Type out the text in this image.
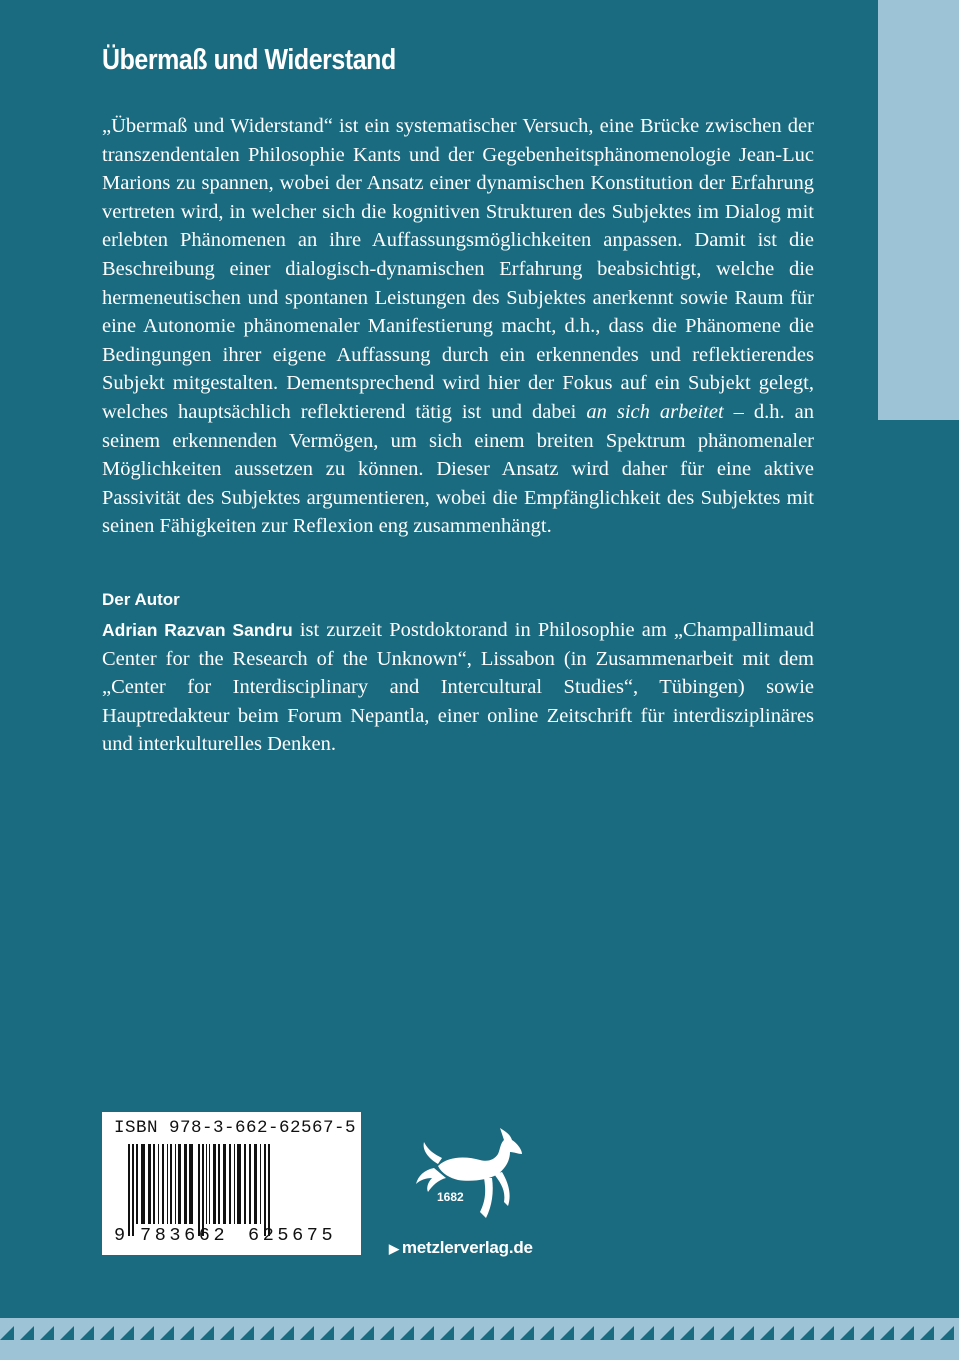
Übermaß und Widerstand

„Übermaß und Widerstand“ ist ein systematischer Versuch, eine Brücke zwischen der transzendentalen Philosophie Kants und der Gegebenheitsphänomenologie Jean-Luc Marions zu spannen, wobei der Ansatz einer dynamischen Konstitution der Erfahrung vertreten wird, in welcher sich die kognitiven Strukturen des Subjektes im Dialog mit erlebten Phänomenen an ihre Auffassungsmöglichkeiten anpassen. Damit ist die Beschreibung einer dialogisch-dynamischen Erfahrung beabsichtigt, welche die hermeneutischen und spontanen Leistungen des Subjektes anerkennt sowie Raum für eine Autonomie phänomenaler Manifestierung macht, d.h., dass die Phänomene die Bedingungen ihrer eigene Auffassung durch ein erkennendes und reflektierendes Subjekt mitgestalten. Dementsprechend wird hier der Fokus auf ein Subjekt gelegt, welches hauptsächlich reflektierend tätig ist und dabei an sich arbeitet – d.h. an seinem erkennenden Vermögen, um sich einem breiten Spektrum phänomenaler Möglichkeiten aussetzen zu können. Dieser Ansatz wird daher für eine aktive Passivität des Subjektes argumentieren, wobei die Empfänglichkeit des Subjektes mit seinen Fähigkeiten zur Reflexion eng zusammenhängt.

Der Autor

Adrian Razvan Sandru ist zurzeit Postdoktorand in Philosophie am „Champallimaud Center for the Research of the Unknown“, Lissabon (in Zusammenarbeit mit dem „Center for Interdisciplinary and Intercultural Studies“, Tübingen) sowie Hauptredakteur beim Forum Nepantla, einer online Zeitschrift für interdisziplinäres und interkulturelles Denken.

ISBN 978-3-662-62567-5
9 783662 625675
1682
▶ metzlerverlag.de
